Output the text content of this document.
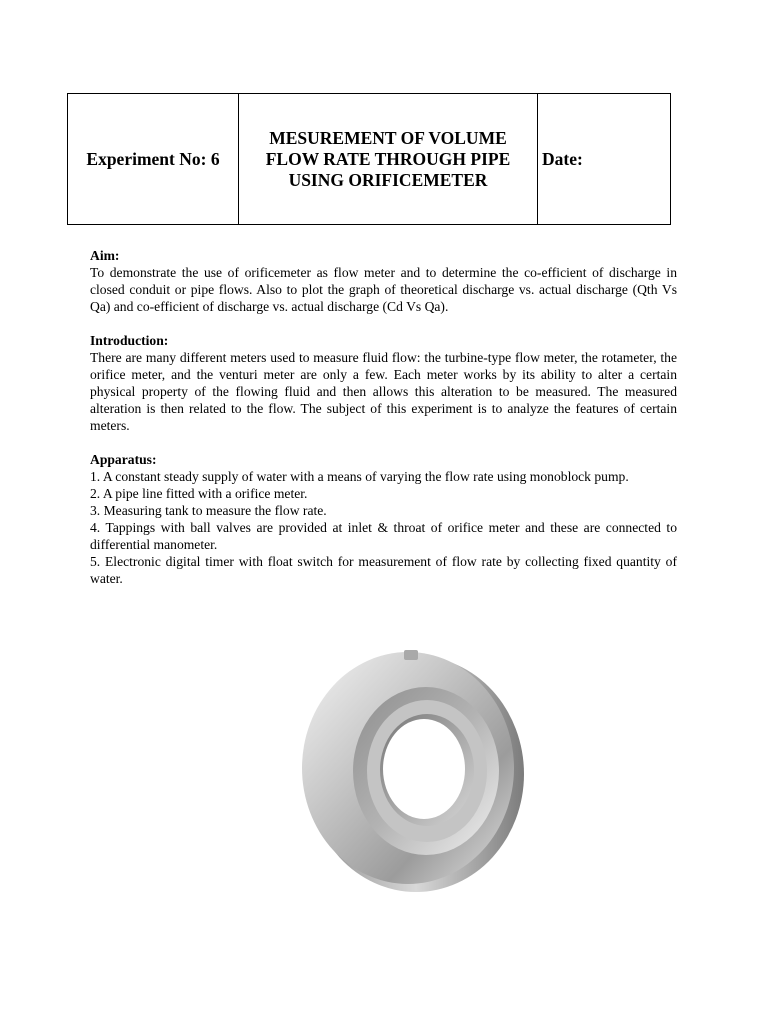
Experiment No: 6	MESUREMENT OF VOLUME
FLOW RATE THROUGH PIPE
USING ORIFICEMETER	Date:
Aim:

To demonstrate the use of orificemeter as flow meter and to determine the co-efficient of discharge in closed conduit or pipe flows. Also to plot the graph of theoretical discharge vs. actual discharge (Qth Vs Qa) and co-efficient of discharge vs. actual discharge (Cd Vs Qa).

Introduction:

There are many different meters used to measure fluid flow: the turbine-type flow meter, the rotameter, the orifice meter, and the venturi meter are only a few. Each meter works by its ability to alter a certain physical property of the flowing fluid and then allows this alteration to be measured. The measured alteration is then related to the flow. The subject of this experiment is to analyze the features of certain meters.

Apparatus:
1. A constant steady supply of water with a means of varying the flow rate using monoblock pump.
2. A pipe line fitted with a orifice meter.
3. Measuring tank to measure the flow rate.
4. Tappings with ball valves are provided at inlet & throat of orifice meter and these are connected to differential manometer.
5. Electronic digital timer with float switch for measurement of flow rate by collecting fixed quantity of water.
